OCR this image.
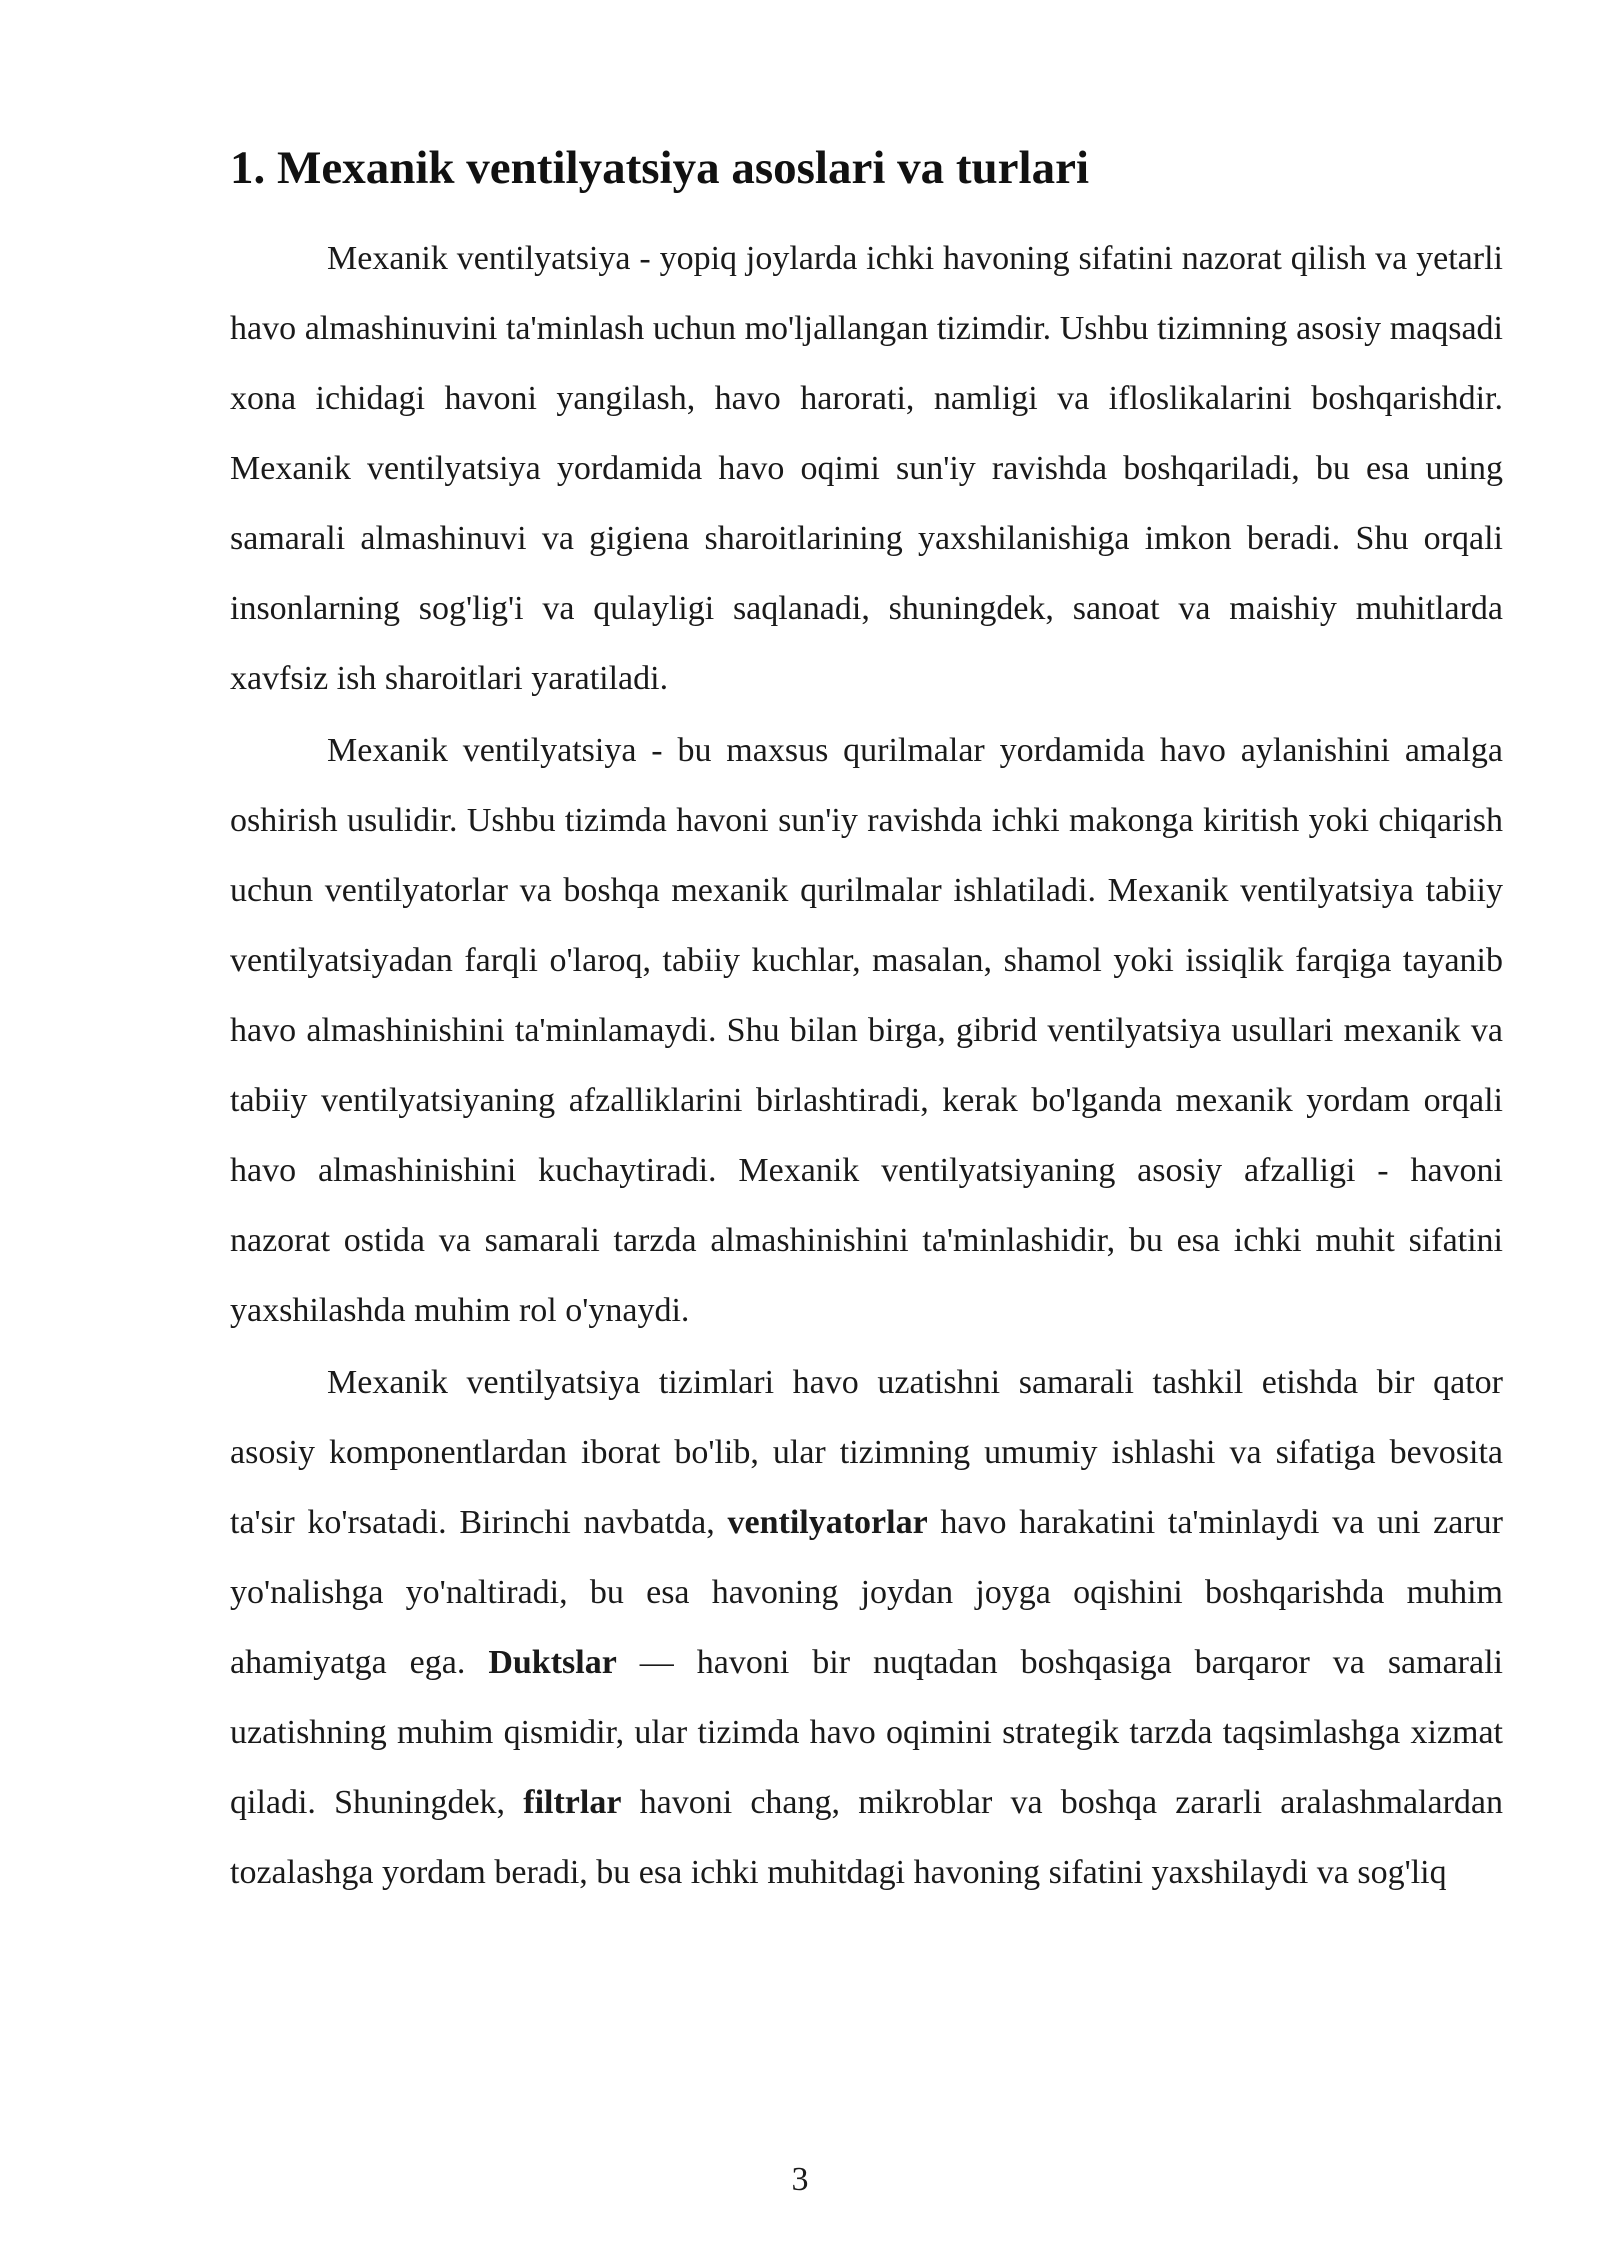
1. Mexanik ventilyatsiya asoslari va turlari

Mexanik ventilyatsiya - yopiq joylarda ichki havoning sifatini nazorat qilish va yetarli havo almashinuvini ta'minlash uchun mo'ljallangan tizimdir. Ushbu tizimning asosiy maqsadi xona ichidagi havoni yangilash, havo harorati, namligi va ifloslikalarini boshqarishdir. Mexanik ventilyatsiya yordamida havo oqimi sun'iy ravishda boshqariladi, bu esa uning samarali almashinuvi va gigiena sharoitlarining yaxshilanishiga imkon beradi. Shu orqali insonlarning sog'lig'i va qulayligi saqlanadi, shuningdek, sanoat va maishiy muhitlarda xavfsiz ish sharoitlari yaratiladi.

Mexanik ventilyatsiya - bu maxsus qurilmalar yordamida havo aylanishini amalga oshirish usulidir. Ushbu tizimda havoni sun'iy ravishda ichki makonga kiritish yoki chiqarish uchun ventilyatorlar va boshqa mexanik qurilmalar ishlatiladi. Mexanik ventilyatsiya tabiiy ventilyatsiyadan farqli o'laroq, tabiiy kuchlar, masalan, shamol yoki issiqlik farqiga tayanib havo almashinishini ta'minlamaydi. Shu bilan birga, gibrid ventilyatsiya usullari mexanik va tabiiy ventilyatsiyaning afzalliklarini birlashtiradi, kerak bo'lganda mexanik yordam orqali havo almashinishini kuchaytiradi. Mexanik ventilyatsiyaning asosiy afzalligi - havoni nazorat ostida va samarali tarzda almashinishini ta'minlashidir, bu esa ichki muhit sifatini yaxshilashda muhim rol o'ynaydi.

Mexanik ventilyatsiya tizimlari havo uzatishni samarali tashkil etishda bir qator asosiy komponentlardan iborat bo'lib, ular tizimning umumiy ishlashi va sifatiga bevosita ta'sir ko'rsatadi. Birinchi navbatda, ventilyatorlar havo harakatini ta'minlaydi va uni zarur yo'nalishga yo'naltiradi, bu esa havoning joydan joyga oqishini boshqarishda muhim ahamiyatga ega. Duktslar — havoni bir nuqtadan boshqasiga barqaror va samarali uzatishning muhim qismidir, ular tizimda havo oqimini strategik tarzda taqsimlashga xizmat qiladi. Shuningdek, filtrlar havoni chang, mikroblar va boshqa zararli aralashmalardan tozalashga yordam beradi, bu esa ichki muhitdagi havoning sifatini yaxshilaydi va sog'liq

3
